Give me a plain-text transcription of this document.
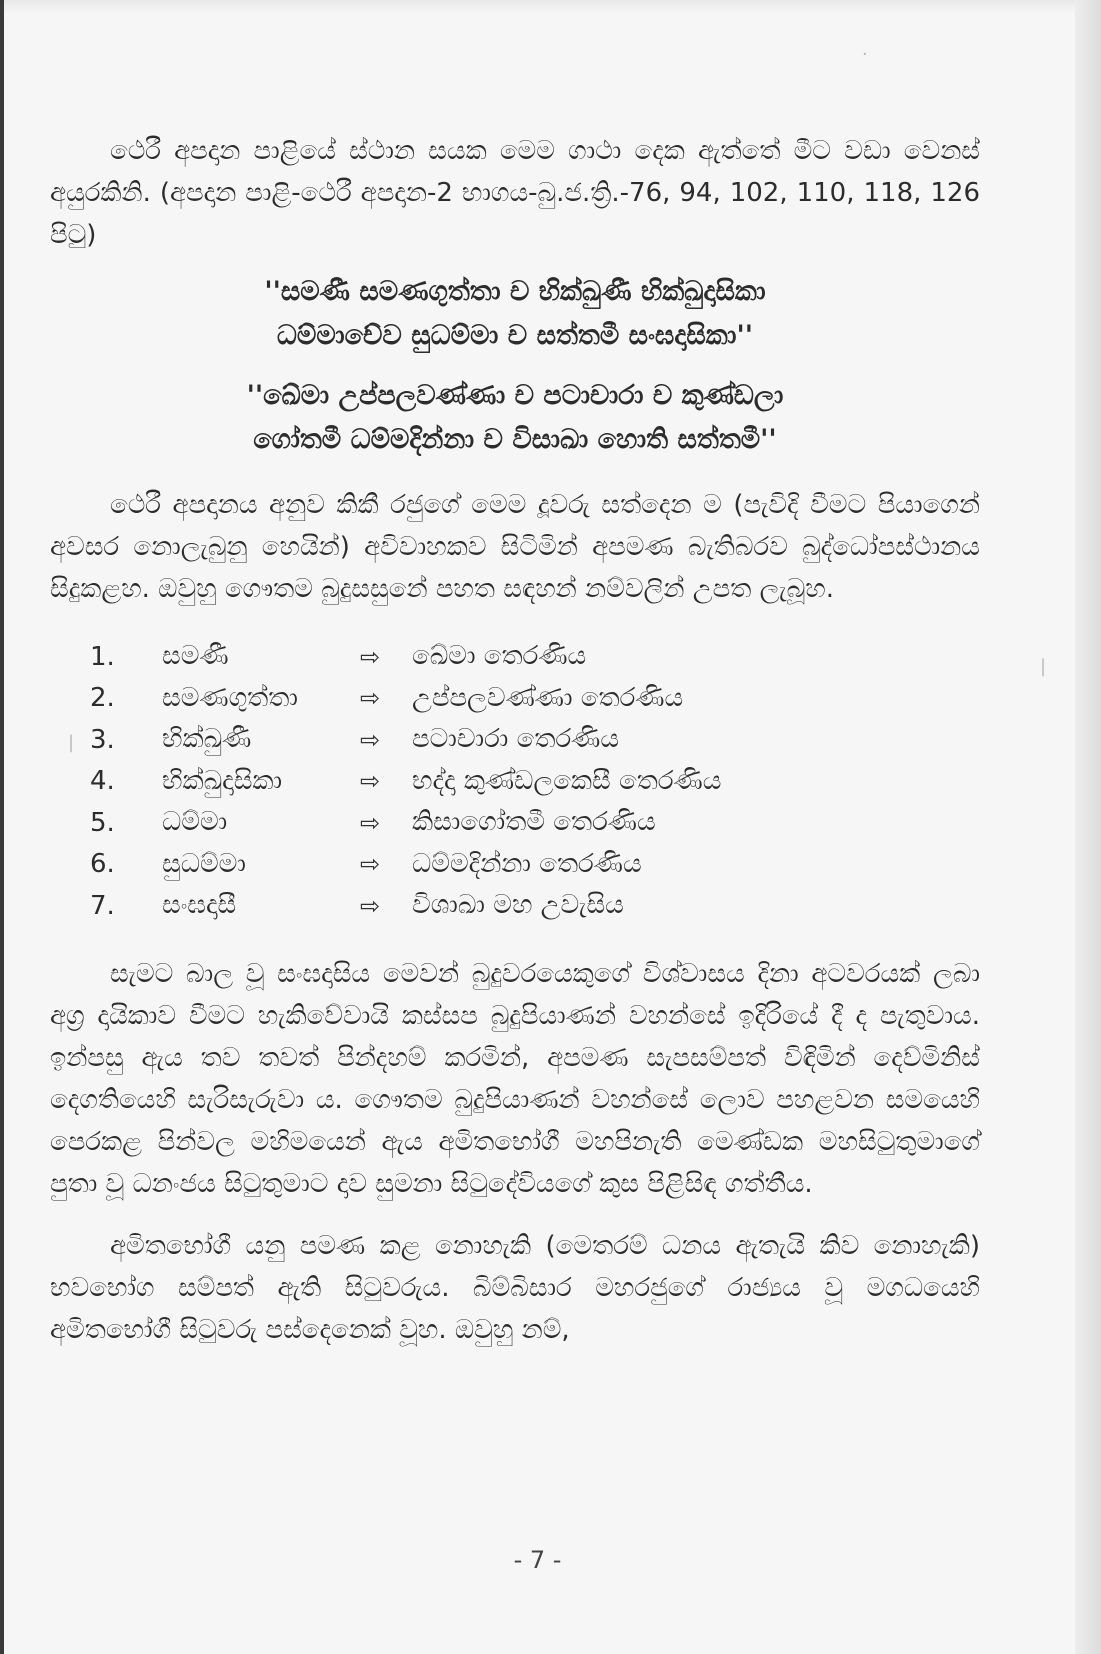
ථෙරී අපදාන පාළියේ ස්ථාන සයක මෙම ගාථා දෙක ඇත්තේ මීට වඩා වෙනස් අයුරකිනි. (අපදාන පාළි-ථෙරී අපදාන-2 භාගය-බු.ජ.ත්‍රි.-76, 94, 102, 110, 118, 126 පිටු)

''සමණී සමණගුත්තා ච භික්ඛුණී භික්ඛුදාසිකා

ධම්මාචේව සුධම්මා ච සත්තමී සංඝදාසිකා''

''ඛේමා උප්පලවණ්ණා ච පටාචාරා ච කුණ්ඩලා

ගෝතමී ධම්මදින්නා ච විසාඛා හොති සත්තමී''

ථෙරී අපදානය අනුව කිකී රජුගේ මෙම දූවරු සත්දෙන ම (පැවිදි වීමට පියාගෙන් අවසර නොලැබුනු හෙයින්) අවිවාහකව සිටිමින් අපමණ බැතිබරව බුද්ධෝපස්ථානය සිදුකළහ. ඔවුහු ගෞතම බුදුසසුනේ පහත සඳහන් නම්වලින් උපත ලැබූහ.

1.	සමණී	⇨	ඛේමා තෙරණිය
2.	සමණගුත්තා	⇨	උප්පලවණ්ණා තෙරණිය
3.	භික්ඛුණී	⇨	පටාචාරා තෙරණිය
4.	භික්ඛුදාසිකා	⇨	භද්දා කුණ්ඩලකෙසී තෙරණිය
5.	ධම්මා	⇨	කිසාගෝතමී තෙරණිය
6.	සුධම්මා	⇨	ධම්මදින්නා තෙරණිය
7.	සංඝදාසී	⇨	විශාඛා මහ උවැසිය

සැමට බාල වූ සංඝදාසිය මෙවන් බුදුවරයෙකුගේ විශ්වාසය දිනා අටවරයක් ලබා අග්‍ර දායිකාව වීමට හැකිවේවායි කස්සප බුදුපියාණන් වහන්සේ ඉදිරියේ දී ද පැතුවාය. ඉන්පසු ඇය තව තවත් පින්දහම් කරමින්, අපමණ සැපසම්පත් විඳිමින් දෙව්මිනිස් දෙගතියෙහි සැරිසැරුවා ය. ගෞතම බුදුපියාණන් වහන්සේ ලොව පහළවන සමයෙහි පෙරකළ පින්වල මහිමයෙන් ඇය අමිතභෝගී මහපිනැති මෙණ්ඩක මහසිටුතුමාගේ පුතා වූ ධනංජය සිටුතුමාට දාව සුමනා සිටුදේවියගේ කුස පිළිසිඳ ගත්තීය.

අමිතභෝගී යනු පමණ කළ නොහැකි (මෙතරම් ධනය ඇතැයි කිව නොහැකි) භවභෝග සම්පත් ඇති සිටුවරුය. බිම්බිසාර මහරජුගේ රාජ්‍යය වූ මගධයෙහි අමිතභෝගී සිටුවරු පස්දෙනෙක් වූහ. ඔවුහු නම්,

·
|
|
- 7 -
